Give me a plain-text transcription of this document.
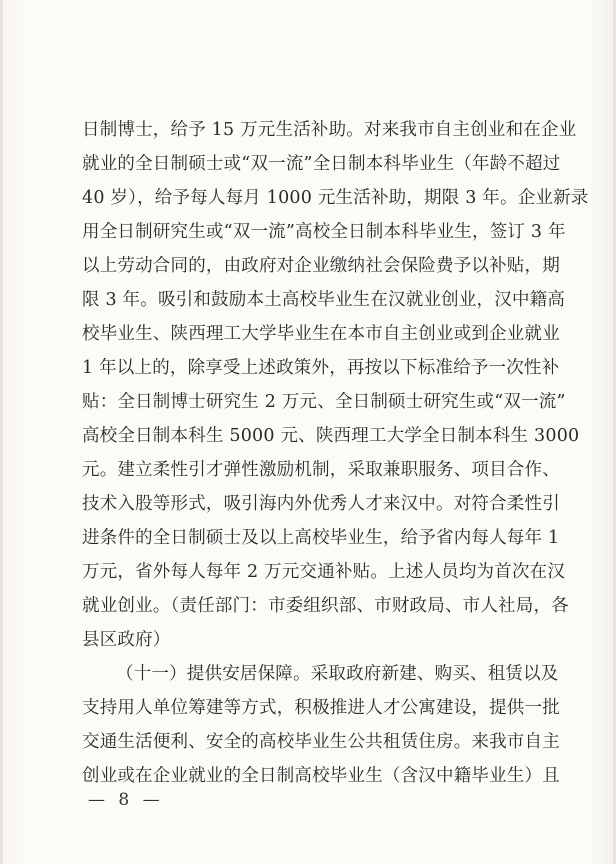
日制博士，给予 15 万元生活补助。对来我市自主创业和在企业
就业的全日制硕士或“双一流”全日制本科毕业生（年龄不超过
40 岁），给予每人每月 1000 元生活补助，期限 3 年。企业新录
用全日制研究生或“双一流”高校全日制本科毕业生，签订 3 年
以上劳动合同的，由政府对企业缴纳社会保险费予以补贴，期
限 3 年。吸引和鼓励本土高校毕业生在汉就业创业，汉中籍高
校毕业生、陕西理工大学毕业生在本市自主创业或到企业就业
1 年以上的，除享受上述政策外，再按以下标准给予一次性补
贴：全日制博士研究生 2 万元、全日制硕士研究生或“双一流”
高校全日制本科生 5000 元、陕西理工大学全日制本科生 3000
元。建立柔性引才弹性激励机制，采取兼职服务、项目合作、
技术入股等形式，吸引海内外优秀人才来汉中。对符合柔性引
进条件的全日制硕士及以上高校毕业生，给予省内每人每年 1
万元，省外每人每年 2 万元交通补贴。上述人员均为首次在汉
就业创业。（责任部门：市委组织部、市财政局、市人社局，各
县区政府）
（十一）提供安居保障。采取政府新建、购买、租赁以及
支持用人单位筹建等方式，积极推进人才公寓建设，提供一批
交通生活便利、安全的高校毕业生公共租赁住房。来我市自主
创业或在企业就业的全日制高校毕业生（含汉中籍毕业生）且
— 8 —
